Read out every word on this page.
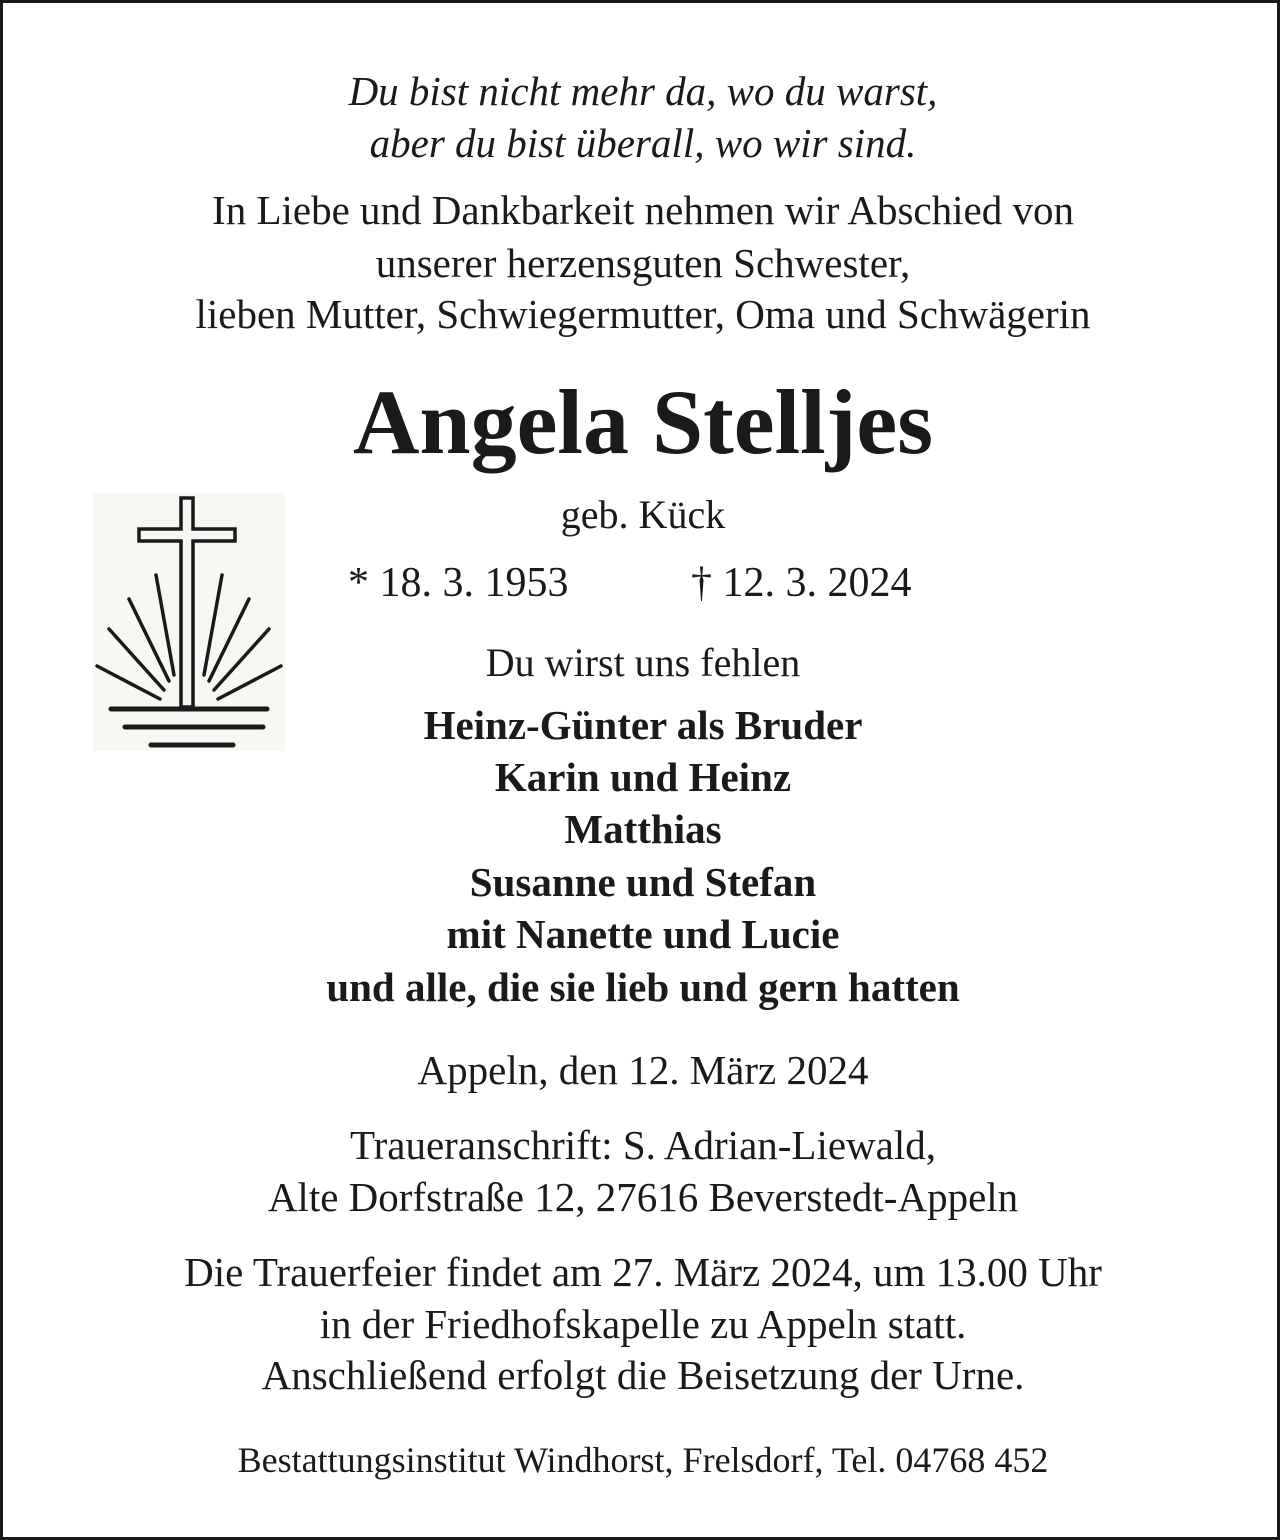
Du bist nicht mehr da, wo du warst,
aber du bist überall, wo wir sind.
In Liebe und Dankbarkeit nehmen wir Abschied von
unserer herzensguten Schwester,
lieben Mutter, Schwiegermutter, Oma und Schwägerin
Angela Stelljes
geb. Kück
* 18. 3. 1953	† 12. 3. 2024
Du wirst uns fehlen
Heinz-Günter als Bruder
Karin und Heinz
Matthias
Susanne und Stefan
mit Nanette und Lucie
und alle, die sie lieb und gern hatten
Appeln, den 12. März 2024
Traueranschrift: S. Adrian-Liewald,
Alte Dorfstraße 12, 27616 Beverstedt-Appeln
Die Trauerfeier findet am 27. März 2024, um 13.00 Uhr
in der Friedhofskapelle zu Appeln statt.
Anschließend erfolgt die Beisetzung der Urne.
Bestattungsinstitut Windhorst, Frelsdorf, Tel. 04768 452
